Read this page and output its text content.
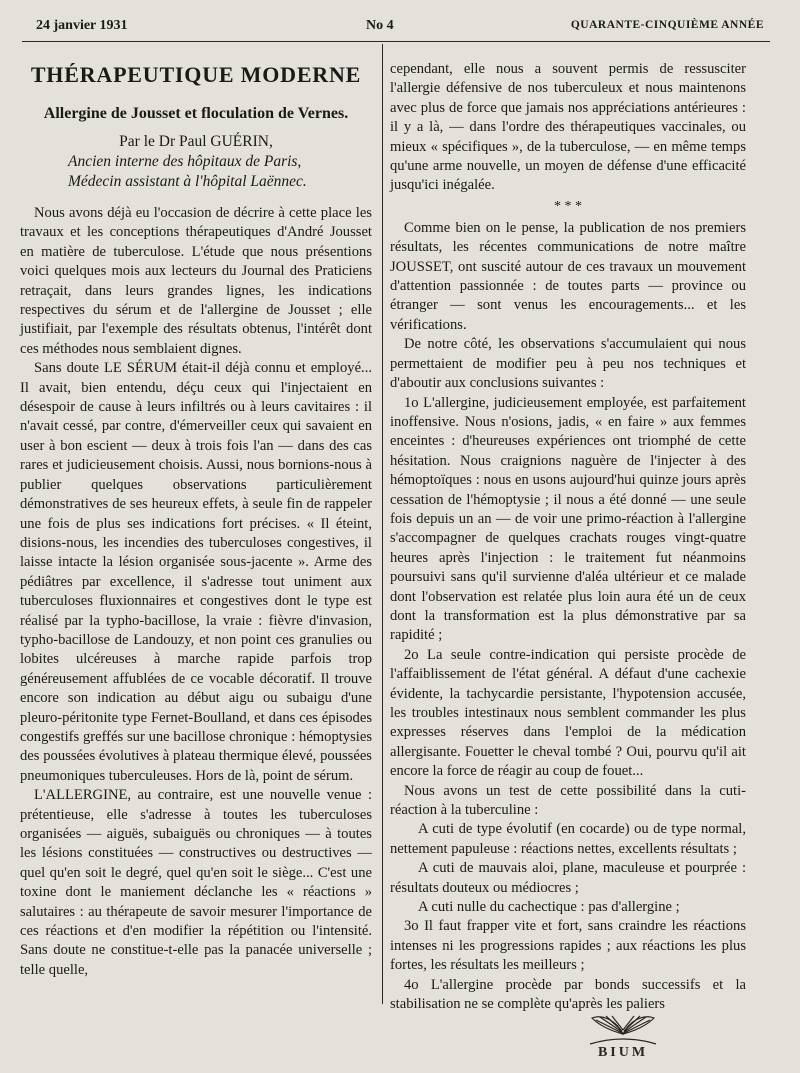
24 janvier 1931	No 4	QUARANTE-CINQUIÈME ANNÉE
THÉRAPEUTIQUE MODERNE
Allergine de Jousset et floculation de Vernes.
Par le Dr Paul GUÉRIN,
Ancien interne des hôpitaux de Paris,
Médecin assistant à l'hôpital Laënnec.

Nous avons déjà eu l'occasion de décrire à cette place les travaux et les conceptions thérapeutiques d'André Jousset en matière de tuberculose. L'étude que nous présentions voici quelques mois aux lecteurs du Journal des Praticiens retraçait, dans leurs grandes lignes, les indications respectives du sérum et de l'allergine de Jousset ; elle justifiait, par l'exemple des résultats obtenus, l'intérêt dont ces méthodes nous semblaient dignes.

Sans doute LE SÉRUM était-il déjà connu et employé... Il avait, bien entendu, déçu ceux qui l'injectaient en désespoir de cause à leurs infiltrés ou à leurs cavitaires : il n'avait cessé, par contre, d'émerveiller ceux qui savaient en user à bon escient — deux à trois fois l'an — dans des cas rares et judicieusement choisis. Aussi, nous bornions-nous à publier quelques observations particulièrement démonstratives de ses heureux effets, à seule fin de rappeler une fois de plus ses indications fort précises. « Il éteint, disions-nous, les incendies des tuberculoses congestives, il laisse intacte la lésion organisée sous-jacente ». Arme des pédiâtres par excellence, il s'adresse tout uniment aux tuberculoses fluxionnaires et congestives dont le type est réalisé par la typho-bacillose, la vraie : fièvre d'invasion, typho-bacillose de Landouzy, et non point ces granulies ou lobites ulcéreuses à marche rapide parfois trop généreusement affublées de ce vocable décoratif. Il trouve encore son indication au début aigu ou subaigu d'une pleuro-péritonite type Fernet-Boulland, et dans ces épisodes congestifs greffés sur une bacillose chronique : hémoptysies des poussées évolutives à plateau thermique élevé, poussées pneumoniques tuberculeuses. Hors de là, point de sérum.

L'ALLERGINE, au contraire, est une nouvelle venue : prétentieuse, elle s'adresse à toutes les tuberculoses organisées — aiguës, subaiguës ou chroniques — à toutes les lésions constituées — constructives ou destructives — quel qu'en soit le degré, quel qu'en soit le siège... C'est une toxine dont le maniement déclanche les « réactions » salutaires : au thérapeute de savoir mesurer l'importance de ces réactions et d'en modifier la répétition ou l'intensité. Sans doute ne constitue-t-elle pas la panacée universelle ; telle quelle,

cependant, elle nous a souvent permis de ressusciter l'allergie défensive de nos tuberculeux et nous maintenons avec plus de force que jamais nos appréciations antérieures : il y a là, — dans l'ordre des thérapeutiques vaccinales, ou mieux « spécifiques », de la tuberculose, — en même temps qu'une arme nouvelle, un moyen de défense d'une efficacité jusqu'ici inégalée.

* * *

Comme bien on le pense, la publication de nos premiers résultats, les récentes communications de notre maître JOUSSET, ont suscité autour de ces travaux un mouvement d'attention passionnée : de toutes parts — province ou étranger — sont venus les encouragements... et les vérifications.

De notre côté, les observations s'accumulaient qui nous permettaient de modifier peu à peu nos techniques et d'aboutir aux conclusions suivantes :

1o L'allergine, judicieusement employée, est parfaitement inoffensive. Nous n'osions, jadis, « en faire » aux femmes enceintes : d'heureuses expériences ont triomphé de cette hésitation. Nous craignions naguère de l'injecter à des hémoptoïques : nous en usons aujourd'hui quinze jours après cessation de l'hémoptysie ; il nous a été donné — une seule fois depuis un an — de voir une primo-réaction à l'allergine s'accompagner de quelques crachats rouges vingt-quatre heures après l'injection : le traitement fut néanmoins poursuivi sans qu'il survienne d'aléa ultérieur et ce malade dont l'observation est relatée plus loin aura été un de ceux dont la transformation est la plus démonstrative par sa rapidité ;

2o La seule contre-indication qui persiste procède de l'affaiblissement de l'état général. A défaut d'une cachexie évidente, la tachycardie persistante, l'hypotension accusée, les troubles intestinaux nous semblent commander les plus expresses réserves dans l'emploi de la médication allergisante. Fouetter le cheval tombé ? Oui, pourvu qu'il ait encore la force de réagir au coup de fouet...

Nous avons un test de cette possibilité dans la cuti-réaction à la tuberculine :

A cuti de type évolutif (en cocarde) ou de type normal, nettement papuleuse : réactions nettes, excellents résultats ;

A cuti de mauvais aloi, plane, maculeuse et pourprée : résultats douteux ou médiocres ;

A cuti nulle du cachectique : pas d'allergine ;

3o Il faut frapper vite et fort, sans craindre les réactions intenses ni les progressions rapides ; aux réactions les plus fortes, les résultats les meilleurs ;

4o L'allergine procède par bonds successifs et la stabilisation ne se complète qu'après les paliers

BIUM
